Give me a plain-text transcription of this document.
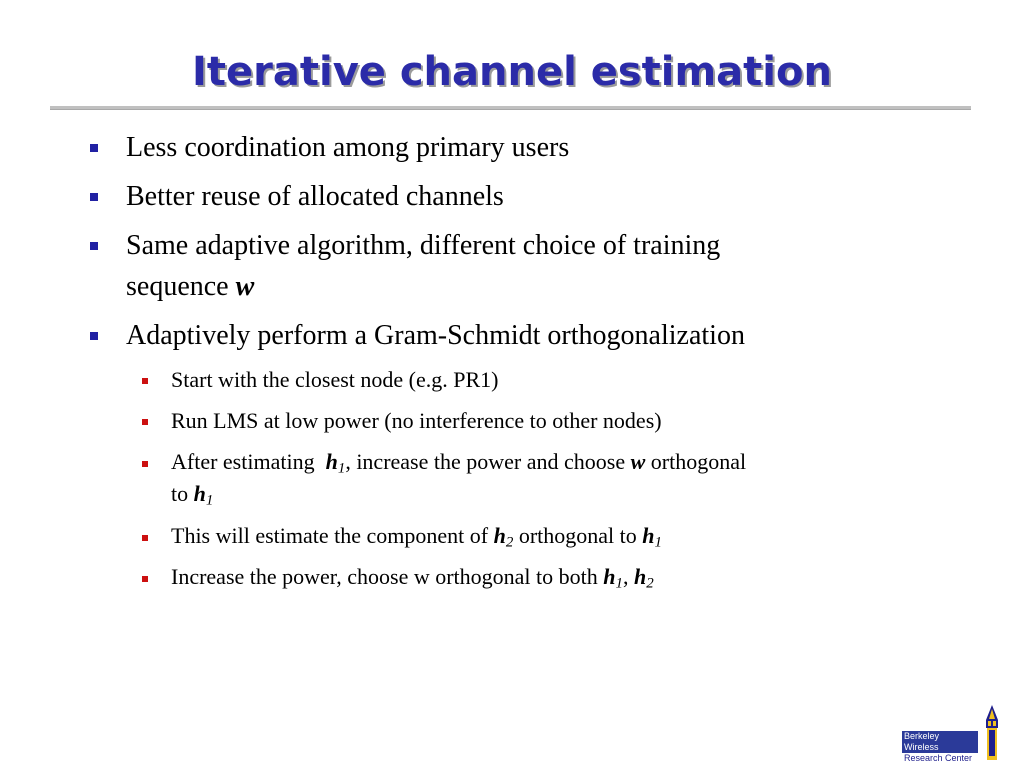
Iterative channel estimation
Less coordination among primary users
Better reuse of allocated channels
Same adaptive algorithm, different choice of training
sequence w
Adaptively perform a Gram-Schmidt orthogonalization
Start with the closest node (e.g. PR1)
Run LMS at low power (no interference to other nodes)
After estimating  $h_1$, increase the power and choose w orthogonal
to $h_1$
This will estimate the component of $h_2$ orthogonal to $h_1$
Increase the power, choose w orthogonal to both $h_1$, $h_2$
Berkeley Wireless
Research Center
